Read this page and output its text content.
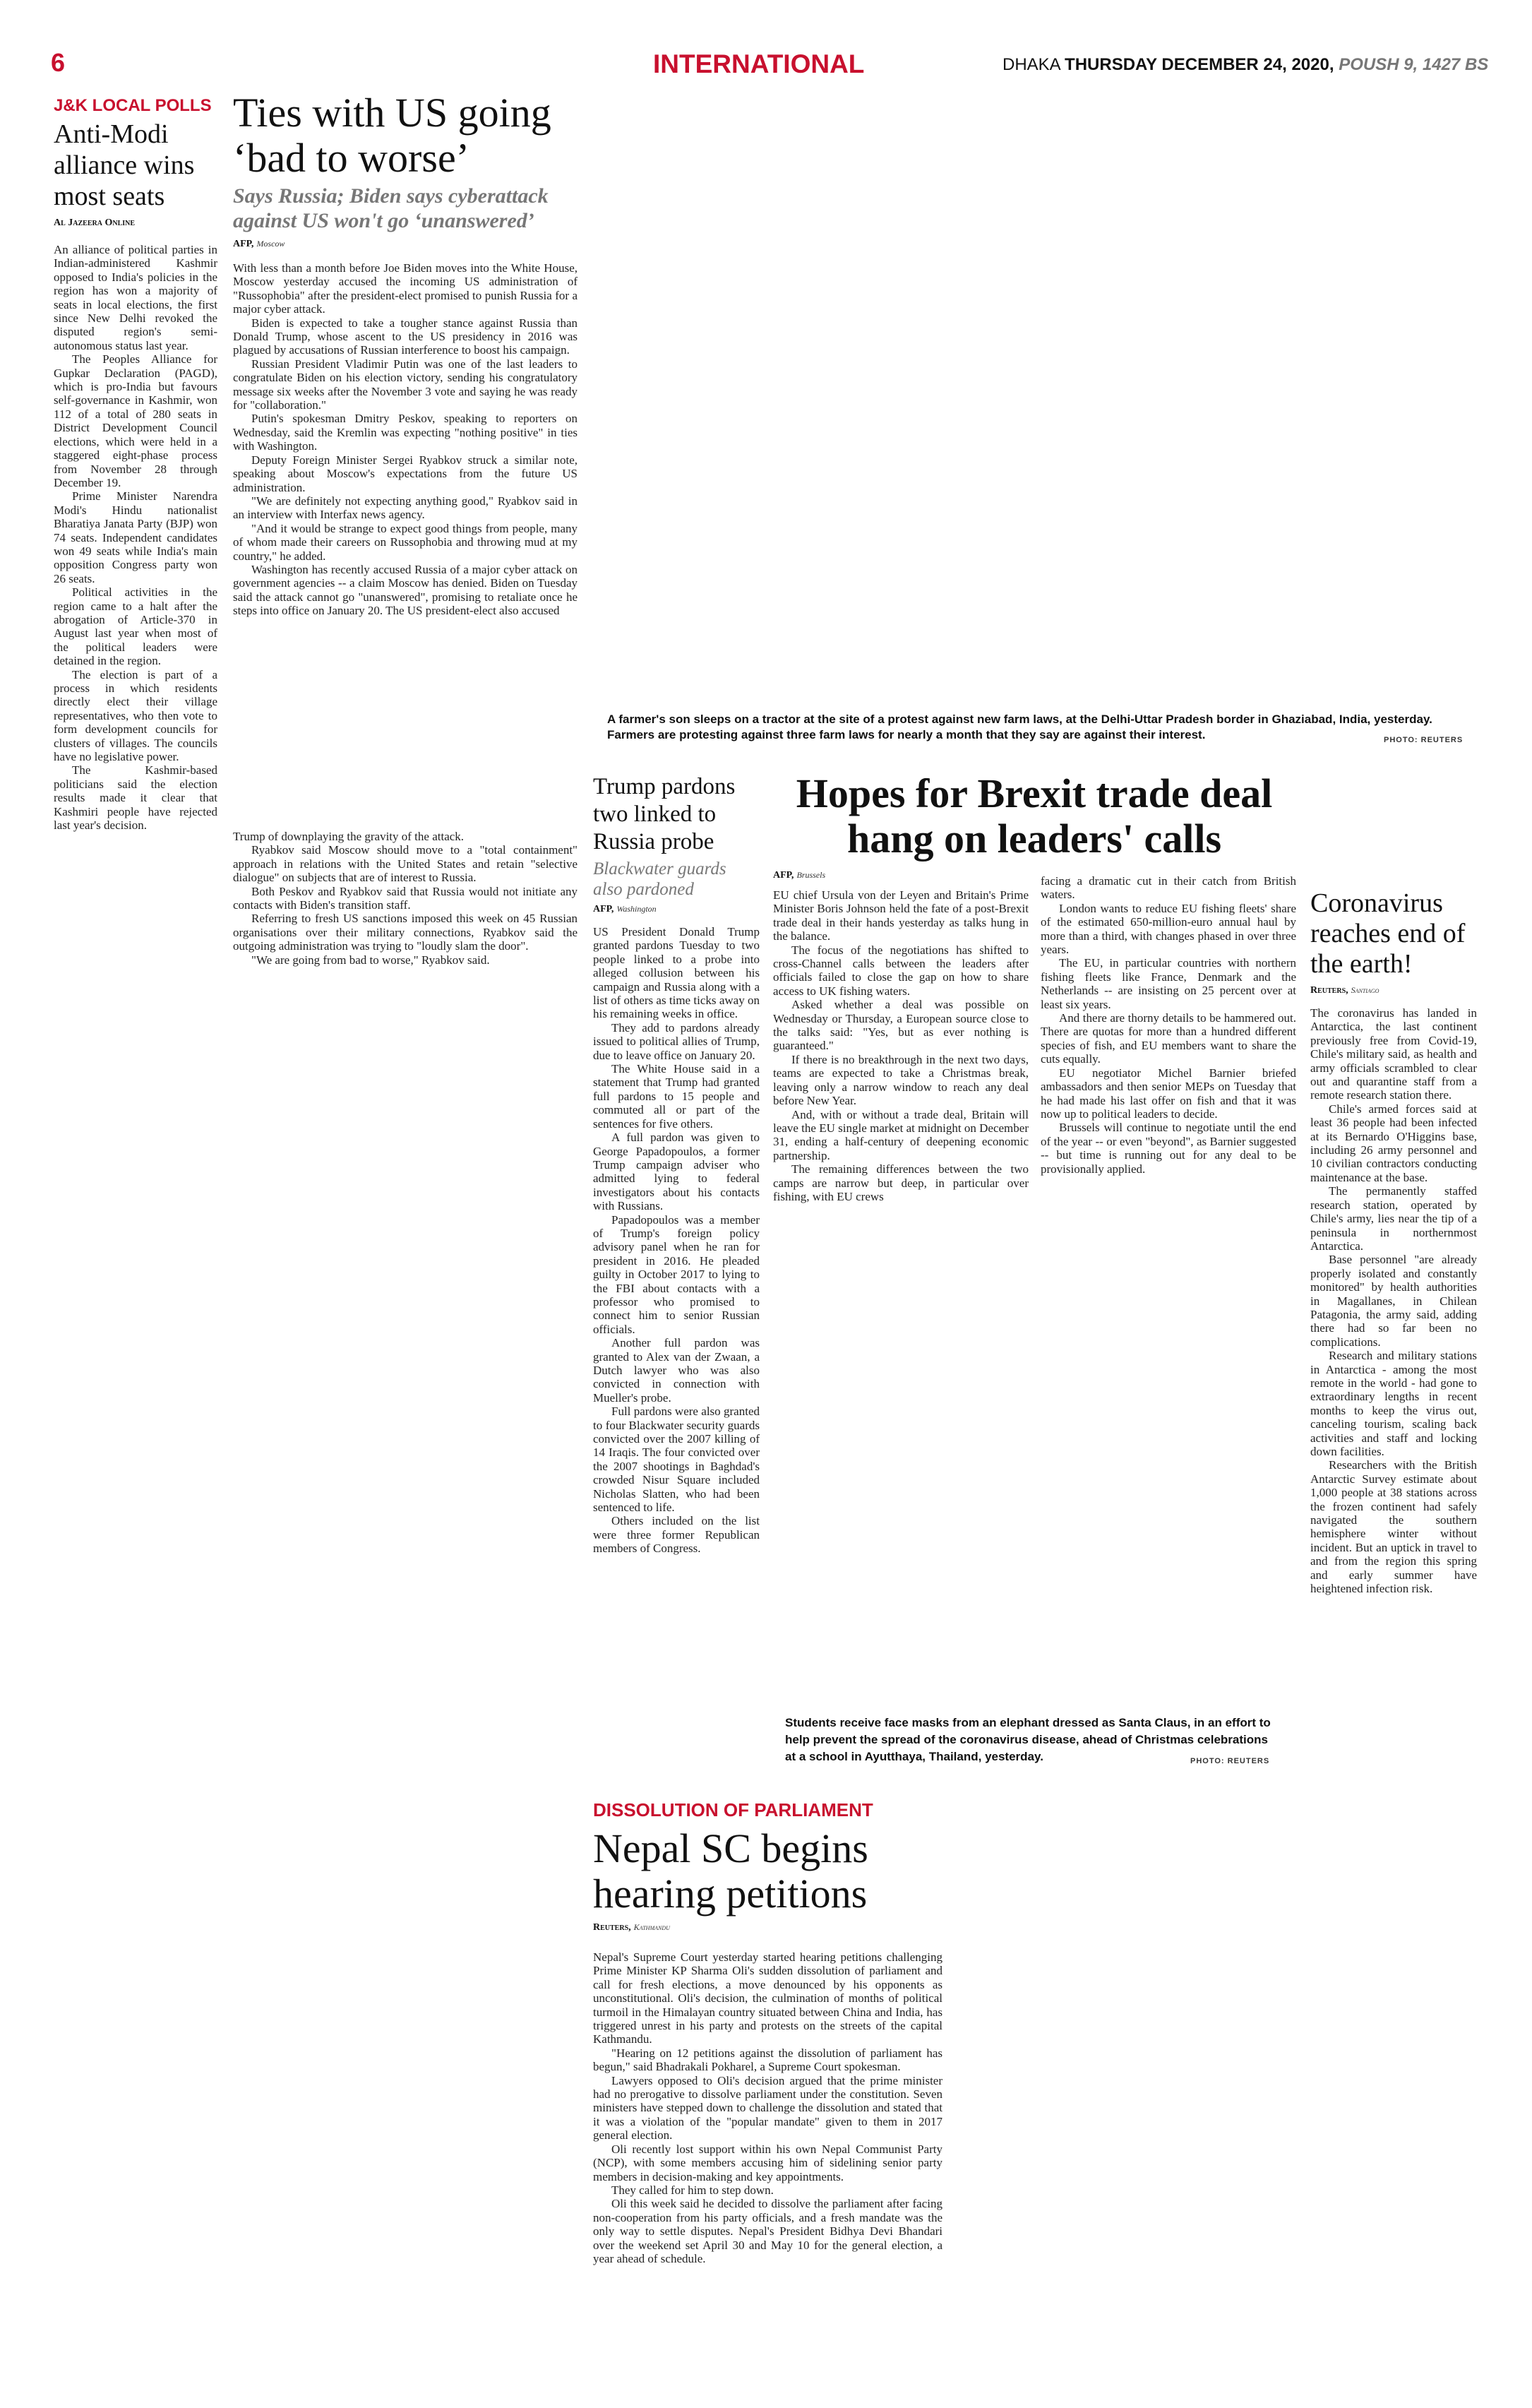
6	INTERNATIONAL	DHAKA THURSDAY DECEMBER 24, 2020, POUSH 9, 1427 BS
J&K LOCAL POLLS
Anti-Modi alliance wins most seats
Al Jazeera Online

An alliance of political parties in Indian-administered Kashmir opposed to India's policies in the region has won a majority of seats in local elections, the first since New Delhi revoked the disputed region's semi-autonomous status last year.

The Peoples Alliance for Gupkar Declaration (PAGD), which is pro-India but favours self-governance in Kashmir, won 112 of a total of 280 seats in District Development Council elections, which were held in a staggered eight-phase process from November 28 through December 19.

Prime Minister Narendra Modi's Hindu nationalist Bharatiya Janata Party (BJP) won 74 seats. Independent candidates won 49 seats while India's main opposition Congress party won 26 seats.

Political activities in the region came to a halt after the abrogation of Article-370 in August last year when most of the political leaders were detained in the region.

The election is part of a process in which residents directly elect their village representatives, who then vote to form development councils for clusters of villages. The councils have no legislative power.

The Kashmir-based politicians said the election results made it clear that Kashmiri people have rejected last year's decision.

Ties with US going ‘bad to worse’
Says Russia; Biden says cyberattack against US won't go ‘unanswered’
AFP, Moscow

With less than a month before Joe Biden moves into the White House, Moscow yesterday accused the incoming US administration of "Russophobia" after the president-elect promised to punish Russia for a major cyber attack.

Biden is expected to take a tougher stance against Russia than Donald Trump, whose ascent to the US presidency in 2016 was plagued by accusations of Russian interference to boost his campaign.

Russian President Vladimir Putin was one of the last leaders to congratulate Biden on his election victory, sending his congratulatory message six weeks after the November 3 vote and saying he was ready for "collaboration."

Putin's spokesman Dmitry Peskov, speaking to reporters on Wednesday, said the Kremlin was expecting "nothing positive" in ties with Washington.

Deputy Foreign Minister Sergei Ryabkov struck a similar note, speaking about Moscow's expectations from the future US administration.

"We are definitely not expecting anything good," Ryabkov said in an interview with Interfax news agency.

"And it would be strange to expect good things from people, many of whom made their careers on Russophobia and throwing mud at my country," he added.

Washington has recently accused Russia of a major cyber attack on government agencies -- a claim Moscow has denied. Biden on Tuesday said the attack cannot go "unanswered", promising to retaliate once he steps into office on January 20. The US president-elect also accused

Trump of downplaying the gravity of the attack.

Ryabkov said Moscow should move to a "total containment" approach in relations with the United States and retain "selective dialogue" on subjects that are of interest to Russia.

Both Peskov and Ryabkov said that Russia would not initiate any contacts with Biden's transition staff.

Referring to fresh US sanctions imposed this week on 45 Russian organisations over their military connections, Ryabkov said the outgoing administration was trying to "loudly slam the door".

"We are going from bad to worse," Ryabkov said.

A farmer's son sleeps on a tractor at the site of a protest against new farm laws, at the Delhi-Uttar Pradesh border in Ghaziabad, India, yesterday. Farmers are protesting against three farm laws for nearly a month that they say are against their interest.	PHOTO: REUTERS
Trump pardons two linked to Russia probe
Blackwater guards also pardoned
AFP, Washington

US President Donald Trump granted pardons Tuesday to two people linked to a probe into alleged collusion between his campaign and Russia along with a list of others as time ticks away on his remaining weeks in office.

They add to pardons already issued to political allies of Trump, due to leave office on January 20.

The White House said in a statement that Trump had granted full pardons to 15 people and commuted all or part of the sentences for five others.

A full pardon was given to George Papadopoulos, a former Trump campaign adviser who admitted lying to federal investigators about his contacts with Russians.

Papadopoulos was a member of Trump's foreign policy advisory panel when he ran for president in 2016. He pleaded guilty in October 2017 to lying to the FBI about contacts with a professor who promised to connect him to senior Russian officials.

Another full pardon was granted to Alex van der Zwaan, a Dutch lawyer who was also convicted in connection with Mueller's probe.

Full pardons were also granted to four Blackwater security guards convicted over the 2007 killing of 14 Iraqis. The four convicted over the 2007 shootings in Baghdad's crowded Nisur Square included Nicholas Slatten, who had been sentenced to life.

Others included on the list were three former Republican members of Congress.

Hopes for Brexit trade deal hang on leaders' calls
AFP, Brussels

EU chief Ursula von der Leyen and Britain's Prime Minister Boris Johnson held the fate of a post-Brexit trade deal in their hands yesterday as talks hung in the balance.

The focus of the negotiations has shifted to cross-Channel calls between the leaders after officials failed to close the gap on how to share access to UK fishing waters.

Asked whether a deal was possible on Wednesday or Thursday, a European source close to the talks said: "Yes, but as ever nothing is guaranteed."

If there is no breakthrough in the next two days, teams are expected to take a Christmas break, leaving only a narrow window to reach any deal before New Year.

And, with or without a trade deal, Britain will leave the EU single market at midnight on December 31, ending a half-century of deepening economic partnership.

The remaining differences between the two camps are narrow but deep, in particular over fishing, with EU crews

facing a dramatic cut in their catch from British waters.

London wants to reduce EU fishing fleets' share of the estimated 650-million-euro annual haul by more than a third, with changes phased in over three years.

The EU, in particular countries with northern fishing fleets like France, Denmark and the Netherlands -- are insisting on 25 percent over at least six years.

And there are thorny details to be hammered out. There are quotas for more than a hundred different species of fish, and EU members want to share the cuts equally.

EU negotiator Michel Barnier briefed ambassadors and then senior MEPs on Tuesday that he had made his last offer on fish and that it was now up to political leaders to decide.

Brussels will continue to negotiate until the end of the year -- or even "beyond", as Barnier suggested -- but time is running out for any deal to be provisionally applied.

Coronavirus reaches end of the earth!
Reuters, Santiago

The coronavirus has landed in Antarctica, the last continent previously free from Covid-19, Chile's military said, as health and army officials scrambled to clear out and quarantine staff from a remote research station there.

Chile's armed forces said at least 36 people had been infected at its Bernardo O'Higgins base, including 26 army personnel and 10 civilian contractors conducting maintenance at the base.

The permanently staffed research station, operated by Chile's army, lies near the tip of a peninsula in northernmost Antarctica.

Base personnel "are already properly isolated and constantly monitored" by health authorities in Magallanes, in Chilean Patagonia, the army said, adding there had so far been no complications.

Research and military stations in Antarctica - among the most remote in the world - had gone to extraordinary lengths in recent months to keep the virus out, canceling tourism, scaling back activities and staff and locking down facilities.

Researchers with the British Antarctic Survey estimate about 1,000 people at 38 stations across the frozen continent had safely navigated the southern hemisphere winter without incident. But an uptick in travel to and from the region this spring and early summer have heightened infection risk.

Students receive face masks from an elephant dressed as Santa Claus, in an effort to help prevent the spread of the coronavirus disease, ahead of Christmas celebrations at a school in Ayutthaya, Thailand, yesterday.	PHOTO: REUTERS
DISSOLUTION OF PARLIAMENT
Nepal SC begins hearing petitions
Reuters, Kathmandu

Nepal's Supreme Court yesterday started hearing petitions challenging Prime Minister KP Sharma Oli's sudden dissolution of parliament and call for fresh elections, a move denounced by his opponents as unconstitutional. Oli's decision, the culmination of months of political turmoil in the Himalayan country situated between China and India, has triggered unrest in his party and protests on the streets of the capital Kathmandu.

"Hearing on 12 petitions against the dissolution of parliament has begun," said Bhadrakali Pokharel, a Supreme Court spokesman.

Lawyers opposed to Oli's decision argued that the prime minister had no prerogative to dissolve parliament under the constitution. Seven ministers have stepped down to challenge the dissolution and stated that it was a violation of the "popular mandate" given to them in 2017 general election.

Oli recently lost support within his own Nepal Communist Party (NCP), with some members accusing him of sidelining senior party members in decision-making and key appointments.

They called for him to step down.

Oli this week said he decided to dissolve the parliament after facing non-cooperation from his party officials, and a fresh mandate was the only way to settle disputes. Nepal's President Bidhya Devi Bhandari over the weekend set April 30 and May 10 for the general election, a year ahead of schedule.
